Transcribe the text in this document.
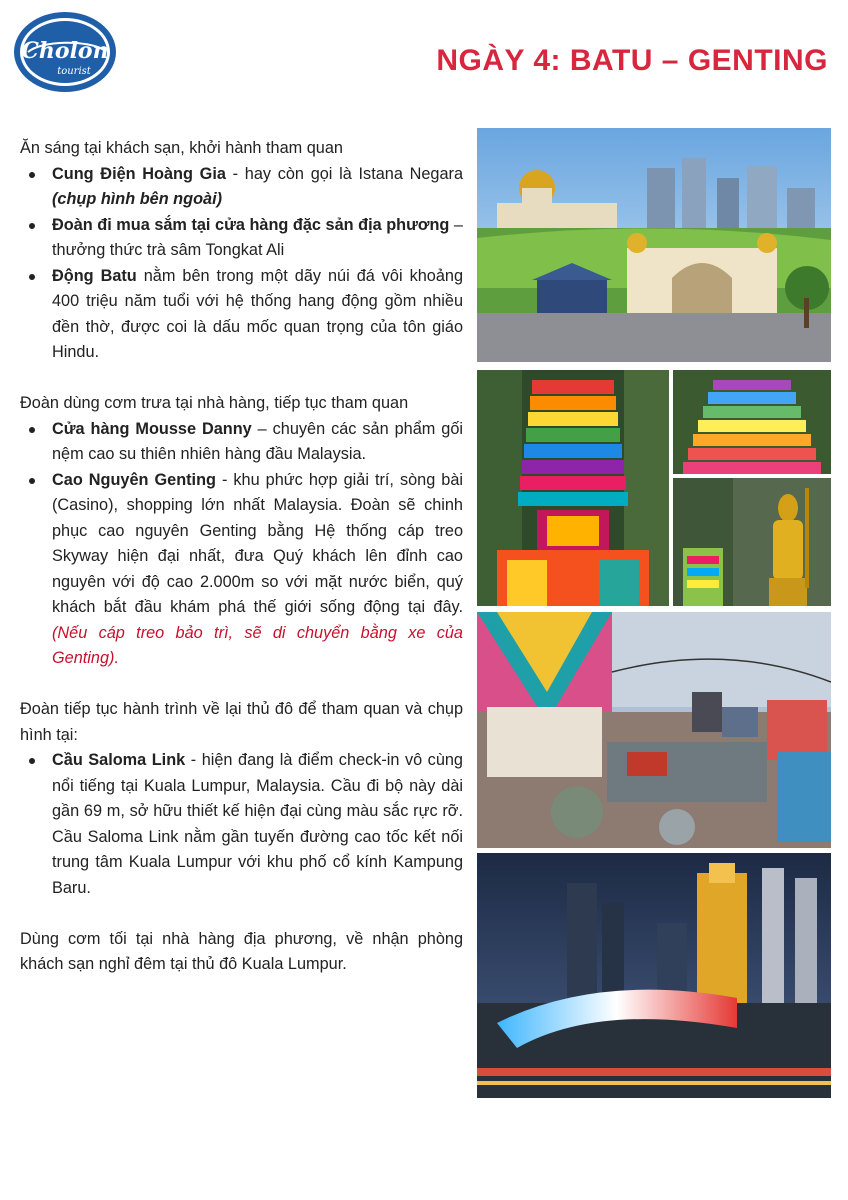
Cholon
tourist	NGÀY 4: BATU – GENTING

Ăn sáng tại khách sạn, khởi hành tham quan

Cung Điện Hoàng Gia - hay còn gọi là Istana Negara (chụp hình bên ngoài)
Đoàn đi mua sắm tại cửa hàng đặc sản địa phương – thưởng thức trà sâm Tongkat Ali
Động Batu nằm bên trong một dãy núi đá vôi khoảng 400 triệu năm tuổi với hệ thống hang động gồm nhiều đền thờ, được coi là dấu mốc quan trọng của tôn giáo Hindu.

Đoàn dùng cơm trưa tại nhà hàng, tiếp tục tham quan

Cửa hàng Mousse Danny – chuyên các sản phẩm gối nệm cao su thiên nhiên hàng đầu Malaysia.
Cao Nguyên Genting - khu phức hợp giải trí, sòng bài (Casino), shopping lớn nhất Malaysia. Đoàn sẽ chinh phục cao nguyên Genting bằng Hệ thống cáp treo Skyway hiện đại nhất, đưa Quý khách lên đỉnh cao nguyên với độ cao 2.000m so với mặt nước biển, quý khách bắt đầu khám phá thế giới sống động tại đây. (Nếu cáp treo bảo trì, sẽ di chuyển bằng xe của Genting).

Đoàn tiếp tục hành trình về lại thủ đô để tham quan và chụp hình tại:

Cầu Saloma Link - hiện đang là điểm check-in vô cùng nổi tiếng tại Kuala Lumpur, Malaysia. Cầu đi bộ này dài gần 69 m, sở hữu thiết kế hiện đại cùng màu sắc rực rỡ. Cầu Saloma Link nằm gần tuyến đường cao tốc kết nối trung tâm Kuala Lumpur với khu phố cổ kính Kampung Baru.

Dùng cơm tối tại nhà hàng địa phương, về nhận phòng khách sạn nghỉ đêm tại thủ đô Kuala Lumpur.
